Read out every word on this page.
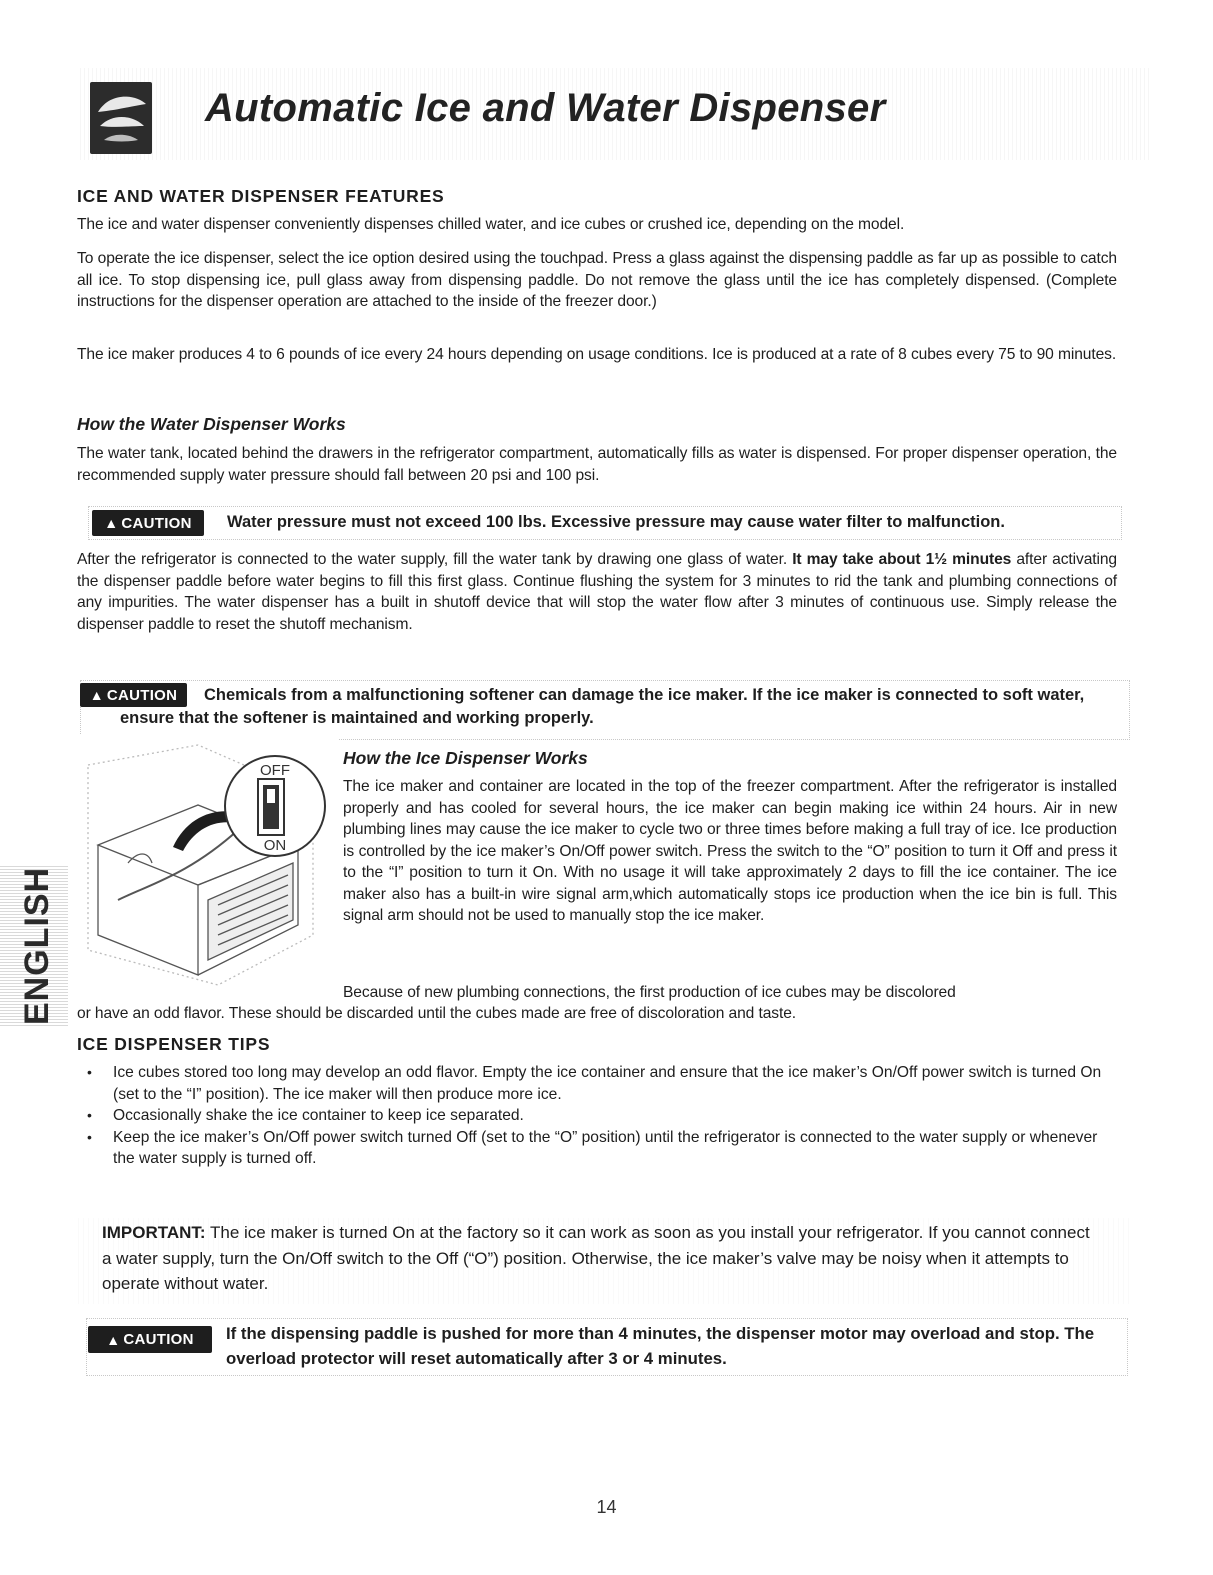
Automatic Ice and Water Dispenser
ICE AND WATER DISPENSER FEATURES

The ice and water dispenser conveniently dispenses chilled water, and ice cubes or crushed ice, depending on the model.

To operate the ice dispenser, select the ice option desired using the touchpad. Press a glass against the dispensing paddle as far up as possible to catch all ice. To stop dispensing ice, pull glass away from dispensing paddle. Do not remove the glass until the ice has completely dispensed. (Complete instructions for the dispenser operation are attached to the inside of the freezer door.)

The ice maker produces 4 to 6 pounds of ice every 24 hours depending on usage conditions. Ice is produced at a rate of 8 cubes every 75 to 90 minutes.

How the Water Dispenser Works

The water tank, located behind the drawers in the refrigerator compartment, automatically fills as water is dispensed. For proper dispenser operation, the recommended supply water pressure should fall between 20 psi and 100 psi.

▲ CAUTION Water pressure must not exceed 100 lbs. Excessive pressure may cause water filter to malfunction.

After the refrigerator is connected to the water supply, fill the water tank by drawing one glass of water. It may take about 1½ minutes after activating the dispenser paddle before water begins to fill this first glass. Continue flushing the system for 3 minutes to rid the tank and plumbing connections of any impurities. The water dispenser has a built in shutoff device that will stop the water flow after 3 minutes of continuous use. Simply release the dispenser paddle to reset the shutoff mechanism.

▲ CAUTION	Chemicals from a malfunctioning softener can damage the ice maker. If the ice maker is connected to soft water, ensure that the softener is maintained and working properly.
OFF
ON
How the Ice Dispenser Works

The ice maker and container are located in the top of the freezer compartment. After the refrigerator is installed properly and has cooled for several hours, the ice maker can begin making ice within 24 hours. Air in new plumbing lines may cause the ice maker to cycle two or three times before making a full tray of ice. Ice production is controlled by the ice maker’s On/Off power switch. Press the switch to the “O” position to turn it Off and press it to the “I” position to turn it On. With no usage it will take approximately 2 days to fill the ice container. The ice maker also has a built-in wire signal arm,which automatically stops ice production when the ice bin is full. This signal arm should not be used to manually stop the ice maker.

Because of new plumbing connections, the first production of ice cubes may be discolored

or have an odd flavor. These should be discarded until the cubes made are free of discoloration and taste.

ENGLISH
ICE DISPENSER TIPS
• Ice cubes stored too long may develop an odd flavor. Empty the ice container and ensure that the ice maker’s On/Off power switch is turned On (set to the “I” position). The ice maker will then produce more ice.
• Occasionally shake the ice container to keep ice separated.
• Keep the ice maker’s On/Off power switch turned Off (set to the “O” position) until the refrigerator is connected to the water supply or whenever the water supply is turned off.

IMPORTANT: The ice maker is turned On at the factory so it can work as soon as you install your refrigerator. If you cannot connect a water supply, turn the On/Off switch to the Off (“O”) position. Otherwise, the ice maker’s valve may be noisy when it attempts to operate without water.

▲ CAUTION If the dispensing paddle is pushed for more than 4 minutes, the dispenser motor may overload and stop. The overload protector will reset automatically after 3 or 4 minutes.
14
